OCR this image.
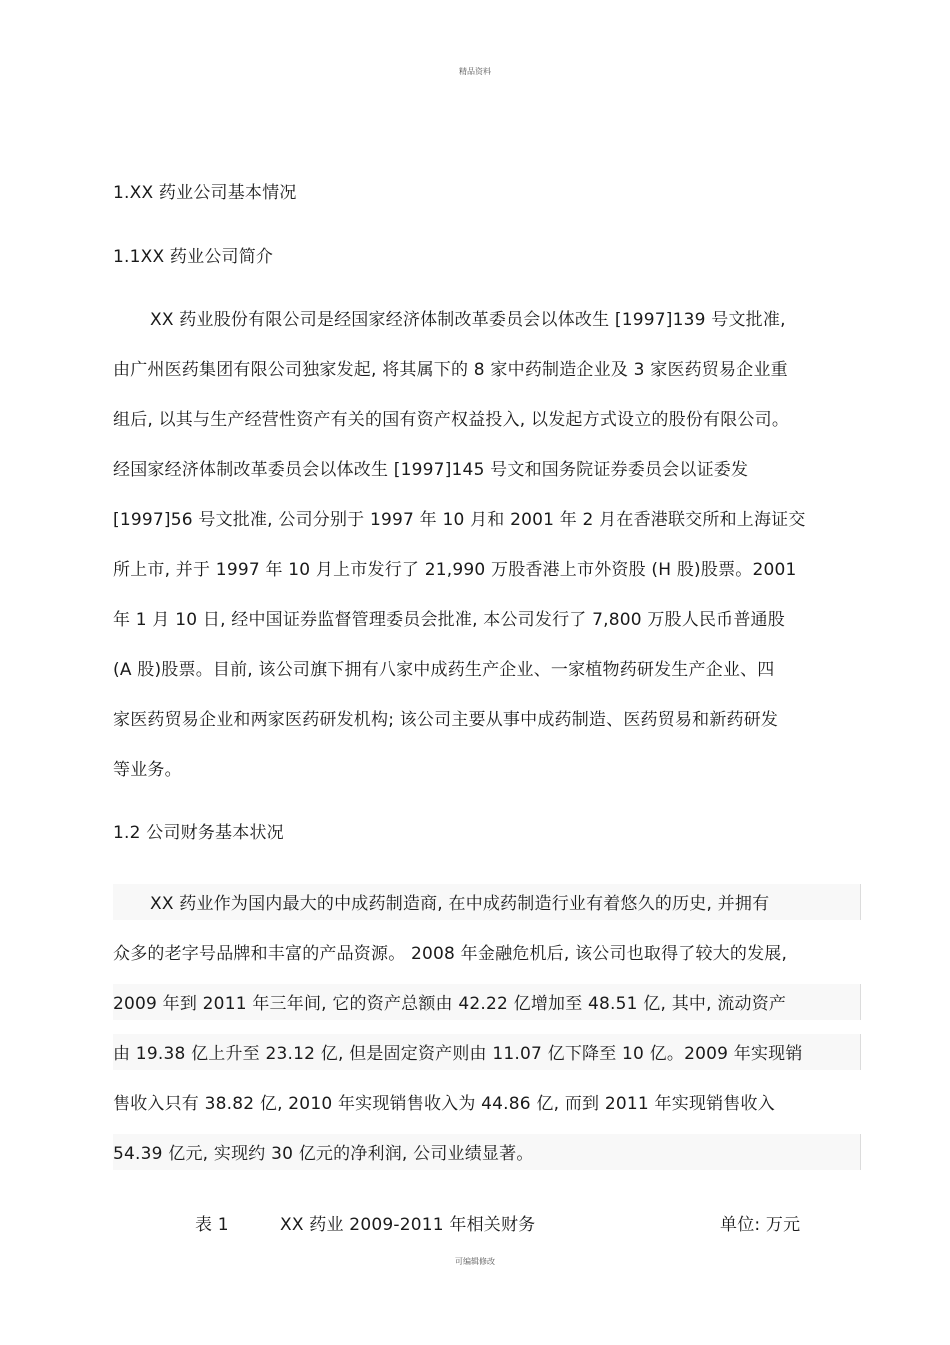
精品资料
1.XX 药业公司基本情况
1.1XX 药业公司简介
XX 药业股份有限公司是经国家经济体制改革委员会以体改生 [1997]139 号文批准,
由广州医药集团有限公司独家发起, 将其属下的 8 家中药制造企业及 3 家医药贸易企业重
组后, 以其与生产经营性资产有关的国有资产权益投入, 以发起方式设立的股份有限公司。
经国家经济体制改革委员会以体改生 [1997]145 号文和国务院证券委员会以证委发
[1997]56 号文批准, 公司分别于 1997 年 10 月和 2001 年 2 月在香港联交所和上海证交
所上市, 并于 1997 年 10 月上市发行了 21,990 万股香港上市外资股 (H 股)股票。2001
年 1 月 10 日, 经中国证券监督管理委员会批准, 本公司发行了 7,800 万股人民币普通股
(A 股)股票。目前, 该公司旗下拥有八家中成药生产企业、一家植物药研发生产企业、四
家医药贸易企业和两家医药研发机构; 该公司主要从事中成药制造、医药贸易和新药研发
等业务。
1.2 公司财务基本状况
XX 药业作为国内最大的中成药制造商, 在中成药制造行业有着悠久的历史, 并拥有
众多的老字号品牌和丰富的产品资源。 2008 年金融危机后, 该公司也取得了较大的发展,
2009 年到 2011 年三年间, 它的资产总额由 42.22 亿增加至 48.51 亿, 其中, 流动资产
由 19.38 亿上升至 23.12 亿, 但是固定资产则由 11.07 亿下降至 10 亿。2009 年实现销
售收入只有 38.82 亿, 2010 年实现销售收入为 44.86 亿, 而到 2011 年实现销售收入
54.39 亿元, 实现约 30 亿元的净利润, 公司业绩显著。
表 1	XX 药业 2009-2011 年相关财务	单位: 万元
可编辑修改
